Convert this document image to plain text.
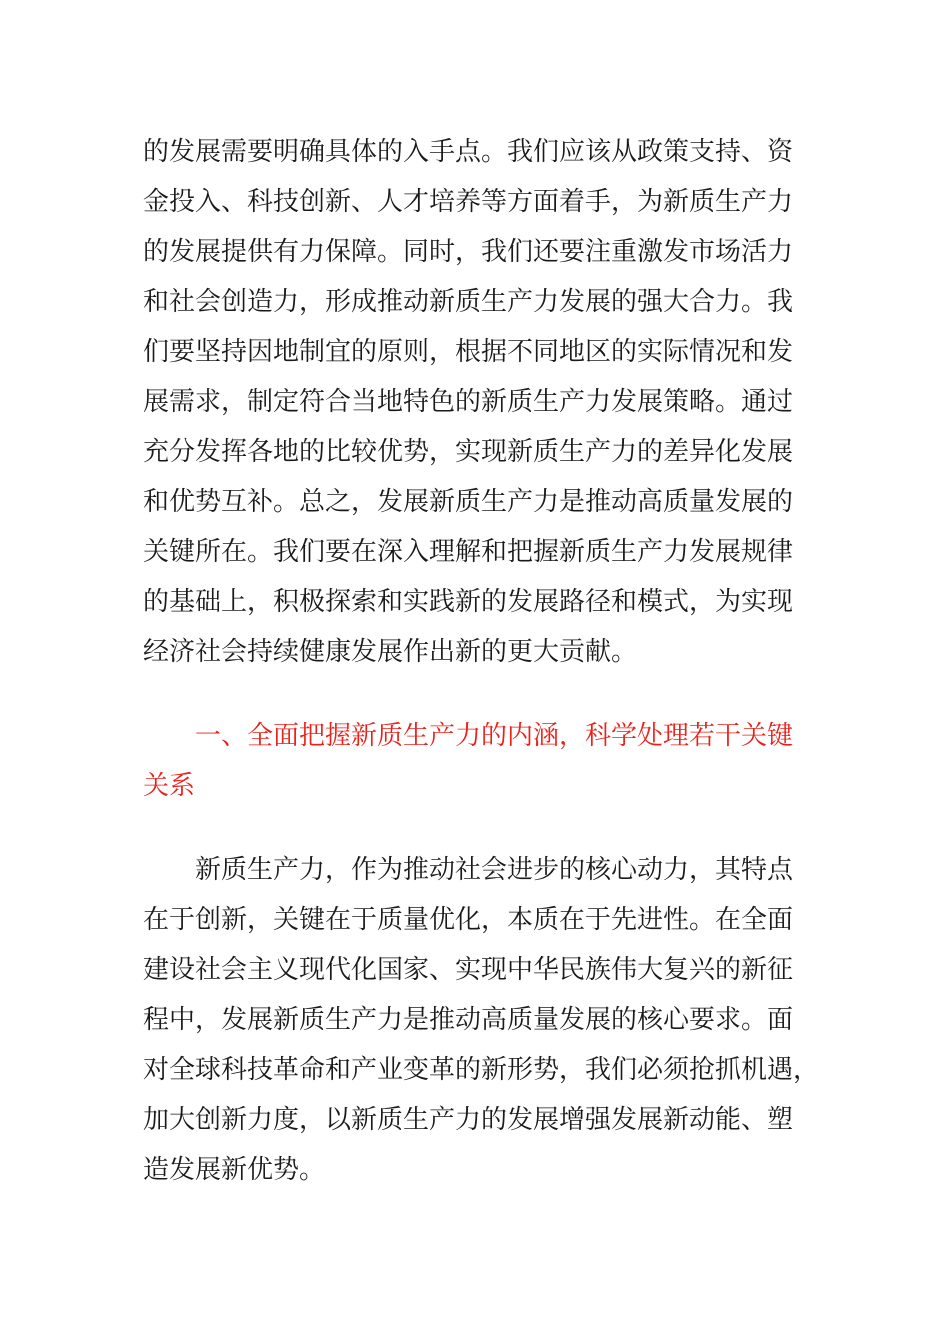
的发展需要明确具体的入手点。我们应该从政策支持、资
金投入、科技创新、人才培养等方面着手，为新质生产力
的发展提供有力保障。同时，我们还要注重激发市场活力
和社会创造力，形成推动新质生产力发展的强大合力。我
们要坚持因地制宜的原则，根据不同地区的实际情况和发
展需求，制定符合当地特色的新质生产力发展策略。通过
充分发挥各地的比较优势，实现新质生产力的差异化发展
和优势互补。总之，发展新质生产力是推动高质量发展的
关键所在。我们要在深入理解和把握新质生产力发展规律
的基础上，积极探索和实践新的发展路径和模式，为实现
经济社会持续健康发展作出新的更大贡献。
一、全面把握新质生产力的内涵，科学处理若干关键
关系
新质生产力，作为推动社会进步的核心动力，其特点
在于创新，关键在于质量优化，本质在于先进性。在全面
建设社会主义现代化国家、实现中华民族伟大复兴的新征
程中，发展新质生产力是推动高质量发展的核心要求。面
对全球科技革命和产业变革的新形势，我们必须抢抓机遇，
加大创新力度，以新质生产力的发展增强发展新动能、塑
造发展新优势。
